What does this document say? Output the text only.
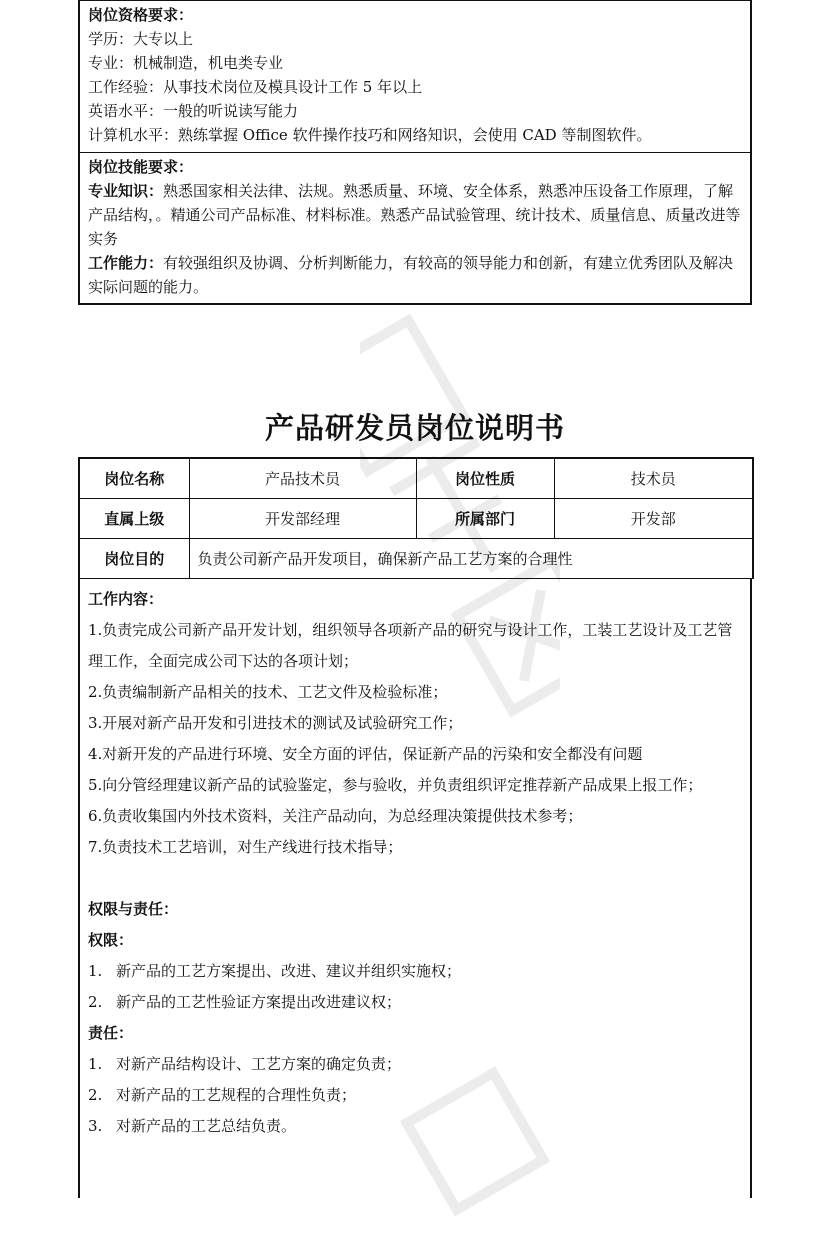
岗位资格要求：
学历：大专以上
专业：机械制造，机电类专业
工作经验：从事技术岗位及模具设计工作 5 年以上
英语水平：一般的听说读写能力
计算机水平：熟练掌握 Office 软件操作技巧和网络知识，会使用 CAD 等制图软件。
岗位技能要求：
专业知识：熟悉国家相关法律、法规。熟悉质量、环境、安全体系，熟悉冲压设备工作原理，了解产品结构，。精通公司产品标准、材料标准。熟悉产品试验管理、统计技术、质量信息、质量改进等实务
工作能力：有较强组织及协调、分析判断能力，有较高的领导能力和创新，有建立优秀团队及解决实际问题的能力。
产品研发员岗位说明书
岗位名称	产品技术员	岗位性质	技术员
直属上级	开发部经理	所属部门	开发部
岗位目的	负责公司新产品开发项目，确保新产品工艺方案的合理性		
工作内容：
1.负责完成公司新产品开发计划，组织领导各项新产品的研究与设计工作，工装工艺设计及工艺管理工作，全面完成公司下达的各项计划；
2.负责编制新产品相关的技术、工艺文件及检验标准；
3.开展对新产品开发和引进技术的测试及试验研究工作；
4.对新开发的产品进行环境、安全方面的评估，保证新产品的污染和安全都没有问题
5.向分管经理建议新产品的试验鉴定，参与验收，并负责组织评定推荐新产品成果上报工作；
6.负责收集国内外技术资料，关注产品动向，为总经理决策提供技术参考；
7.负责技术工艺培训，对生产线进行技术指导；
权限与责任：
权限：
1. 新产品的工艺方案提出、改进、建议并组织实施权；
2. 新产品的工艺性验证方案提出改进建议权；
责任：
1. 对新产品结构设计、工艺方案的确定负责；
2. 对新产品的工艺规程的合理性负责；
3. 对新产品的工艺总结负责。
